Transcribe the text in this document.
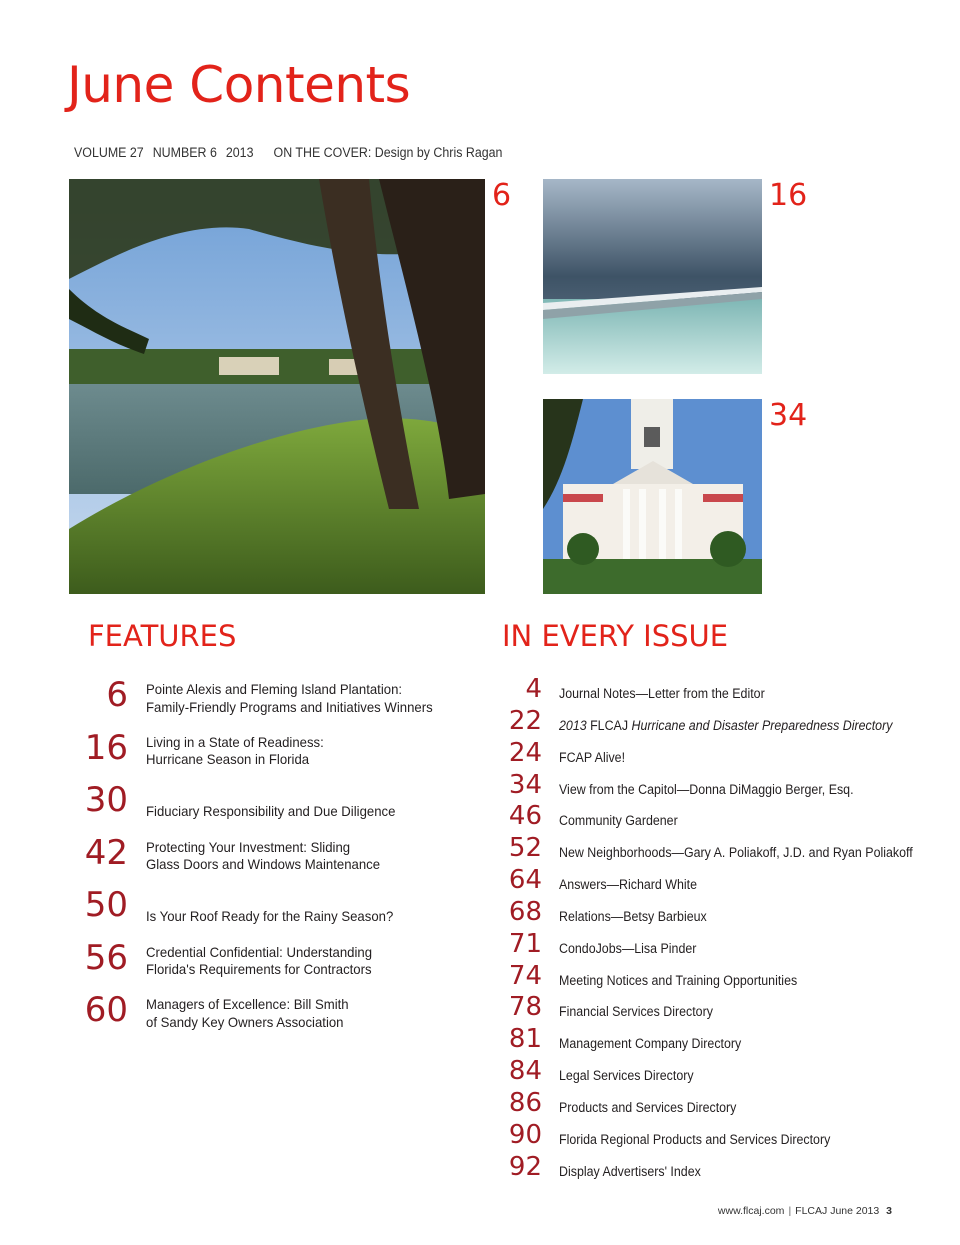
June Contents
VOLUME 27 NUMBER 6 2013 ON THE COVER: Design by Chris Ragan
6	16
34
FEATURES
6 Pointe Alexis and Fleming Island Plantation:
Family-Friendly Programs and Initiatives Winners
16 Living in a State of Readiness:
Hurricane Season in Florida
30 Fiduciary Responsibility and Due Diligence
42 Protecting Your Investment: Sliding
Glass Doors and Windows Maintenance
50 Is Your Roof Ready for the Rainy Season?
56 Credential Confidential: Understanding
Florida's Requirements for Contractors
60 Managers of Excellence: Bill Smith
of Sandy Key Owners Association
IN EVERY ISSUE
4 Journal Notes—Letter from the Editor
22 2013 FLCAJ Hurricane and Disaster Preparedness Directory
24 FCAP Alive!
34 View from the Capitol—Donna DiMaggio Berger, Esq.
46 Community Gardener
52 New Neighborhoods—Gary A. Poliakoff, J.D. and Ryan Poliakoff
64 Answers—Richard White
68 Relations—Betsy Barbieux
71 CondoJobs—Lisa Pinder
74 Meeting Notices and Training Opportunities
78 Financial Services Directory
81 Management Company Directory
84 Legal Services Directory
86 Products and Services Directory
90 Florida Regional Products and Services Directory
92 Display Advertisers' Index
www.flcaj.com | FLCAJ June 2013 3
